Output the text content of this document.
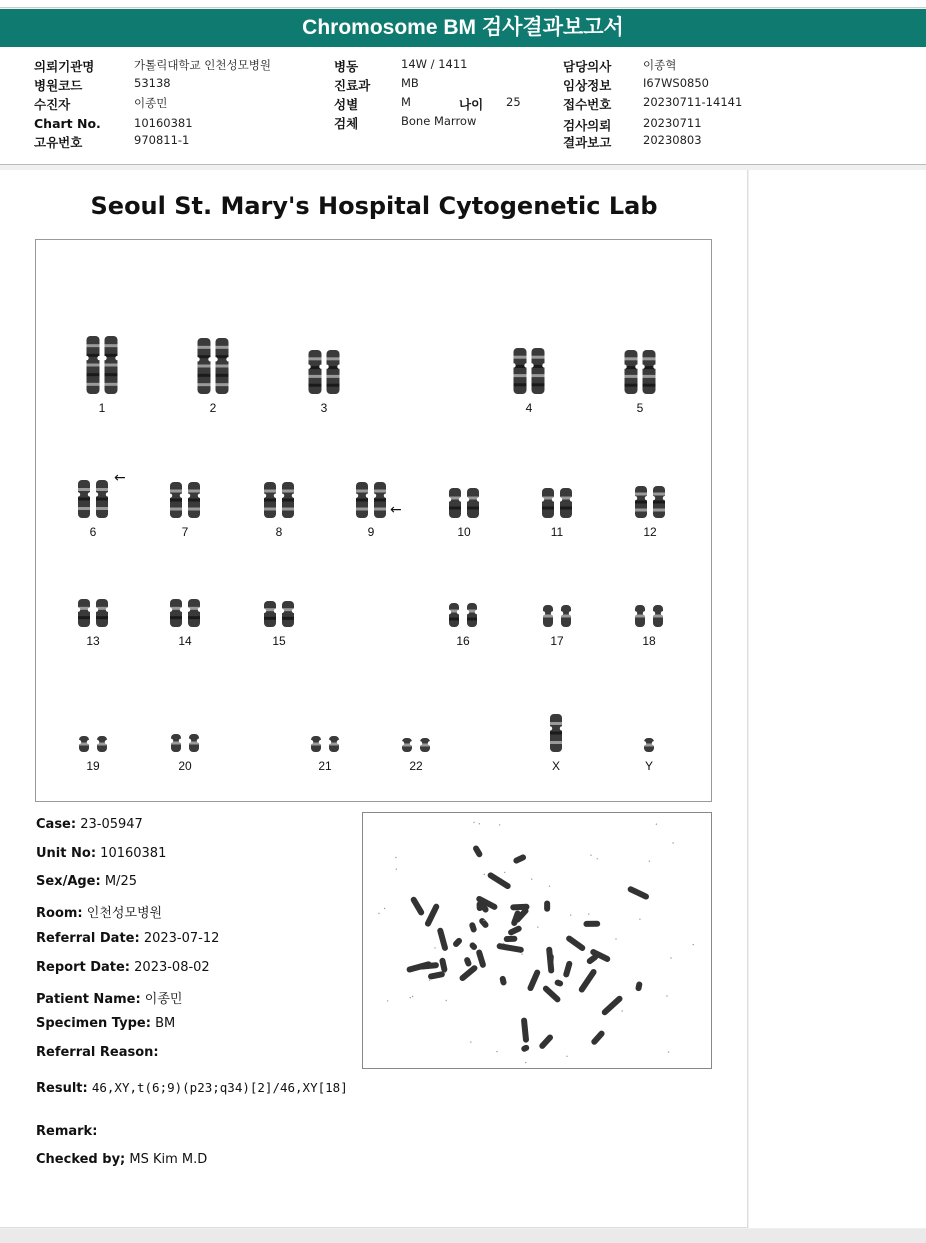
Chromosome BM 검사결과보고서
의뢰기관명	가톨릭대학교 인천성모병원
병원코드	53138
수진자	이종민
Chart No.	10160381
고유번호	970811-1
병동	14W / 1411
진료과	MB
성별	M	나이 25
검체	Bone Marrow
담당의사	이종혁
임상정보	I67WS0850
접수번호	20230711-14141
검사의뢰	20230711
결과보고	20230803
Seoul St. Mary's Hospital Cytogenetic Lab
1	2	3	4	5
6	7	8	9	10	11	12
13	14	15	16	17	18
19	20	21	22	X	Y
←
←
Case: 23-05947
Unit No: 10160381
Sex/Age: M/25
Room: 인천성모병원
Referral Date: 2023-07-12
Report Date: 2023-08-02
Patient Name: 이종민
Specimen Type: BM
Referral Reason:
Result: 46,XY,t(6;9)(p23;q34)[2]/46,XY[18]
Remark:
Checked by; MS Kim M.D
